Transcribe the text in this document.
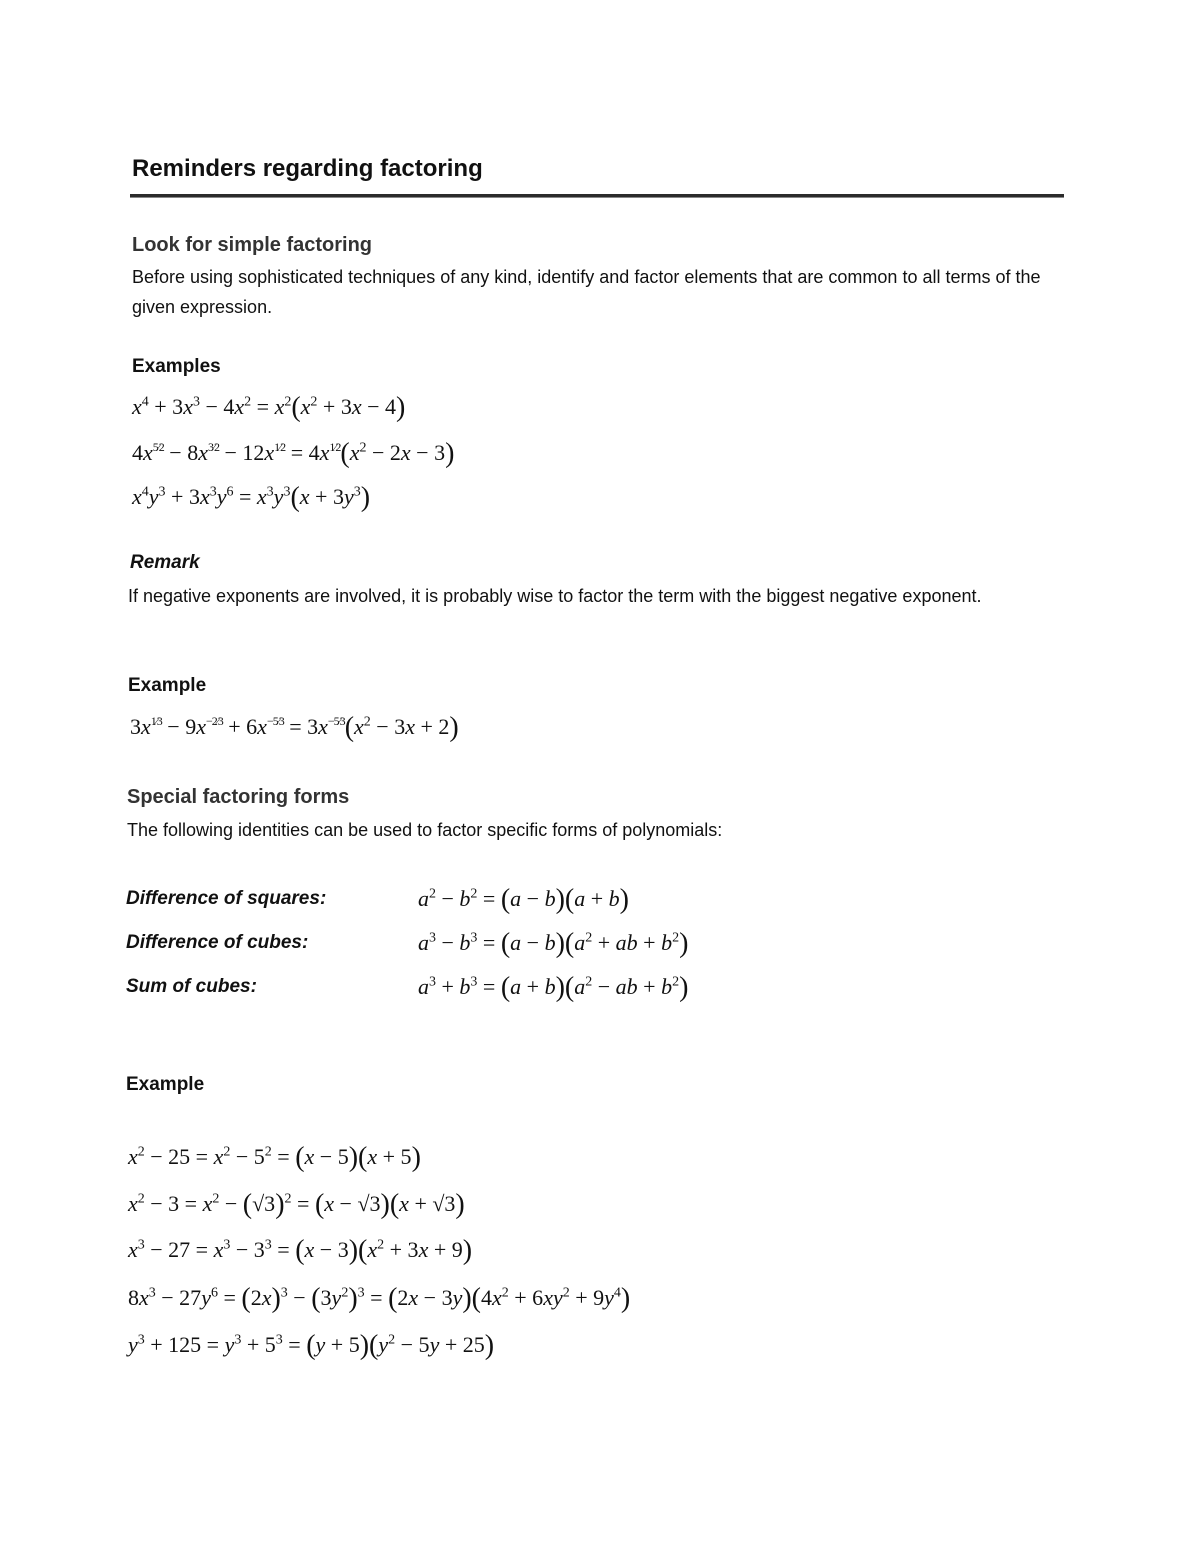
Reminders regarding factoring
Look for simple factoring
Before using sophisticated techniques of any kind, identify and factor elements that are common to all terms of the given expression.
Examples
$x^4 + 3x^3 - 4x^2 = x^2(x^2 + 3x - 4)$
$4x^{5⁄2} - 8x^{3⁄2} - 12x^{1⁄2} = 4x^{1⁄2}(x^2 - 2x - 3)$
$x^4y^3 + 3x^3y^6 = x^3y^3(x + 3y^3)$
Remark
If negative exponents are involved, it is probably wise to factor the term with the biggest negative exponent.
Example
$3x^{1⁄3} - 9x^{-2⁄3} + 6x^{-5⁄3} = 3x^{-5⁄3}(x^2 - 3x + 2)$
Special factoring forms
The following identities can be used to factor specific forms of polynomials:
Difference of squares:	$a^2 - b^2 = (a - b)(a + b)$
Difference of cubes:	$a^3 - b^3 = (a - b)(a^2$ + ab + $b^2$)
Sum of cubes:	$a^3 + b^3 = (a + b)(a^2$ − ab + $b^2$)
Example
$x^2 - 25 = x^2 - 5^2 = (x - 5)(x + 5)$
$x^2 - 3 = x^2 - (√3)^2 = (x - √3)(x + √3)$
$x^3 - 27 = x^3 - 3^3 = (x - 3)(x^2 + 3x + 9)$
$8x^3 - 27y^6 = (2x)^3 - (3y^2)^3 = (2x - 3y)(4x^2 + 6xy^2 + 9y^4)$
$y^3 + 125 = y^3 + 5^3 = (y + 5)(y^2 - 5y + 25)$
